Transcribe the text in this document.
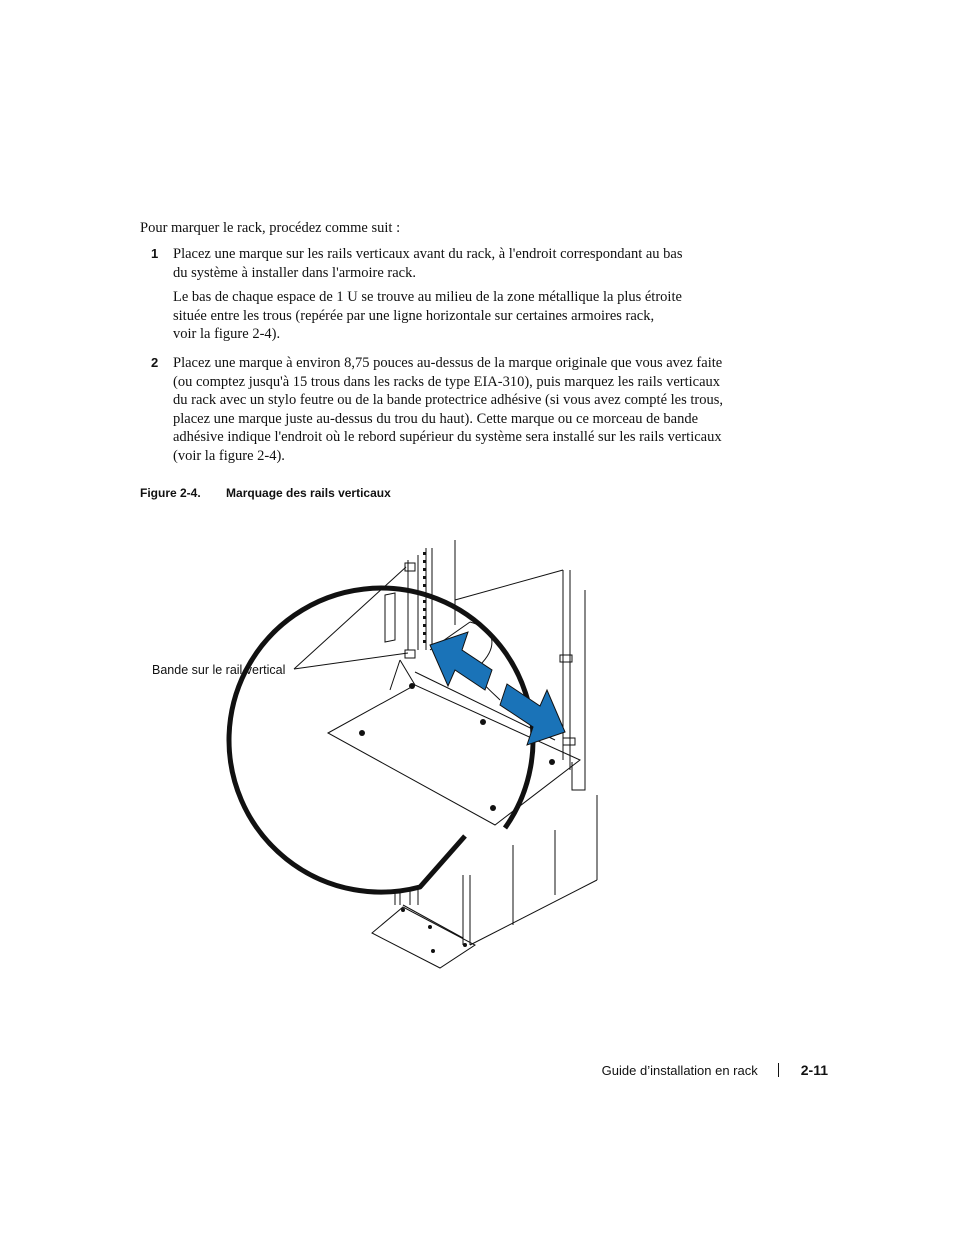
Pour marquer le rack, procédez comme suit :
1 Placez une marque sur les rails verticaux avant du rack, à l'endroit correspondant au bas
du système à installer dans l'armoire rack.
Le bas de chaque espace de 1 U se trouve au milieu de la zone métallique la plus étroite
située entre les trous (repérée par une ligne horizontale sur certaines armoires rack,
voir la figure 2-4).
2 Placez une marque à environ 8,75 pouces au-dessus de la marque originale que vous avez faite
(ou comptez jusqu'à 15 trous dans les racks de type EIA-310), puis marquez les rails verticaux
du rack avec un stylo feutre ou de la bande protectrice adhésive (si vous avez compté les trous,
placez une marque juste au-dessus du trou du haut). Cette marque ou ce morceau de bande
adhésive indique l'endroit où le rebord supérieur du système sera installé sur les rails verticaux
(voir la figure 2-4).
Figure 2-4. Marquage des rails verticaux
Bande sur le rail vertical
Guide d’installation en rack	2-11
